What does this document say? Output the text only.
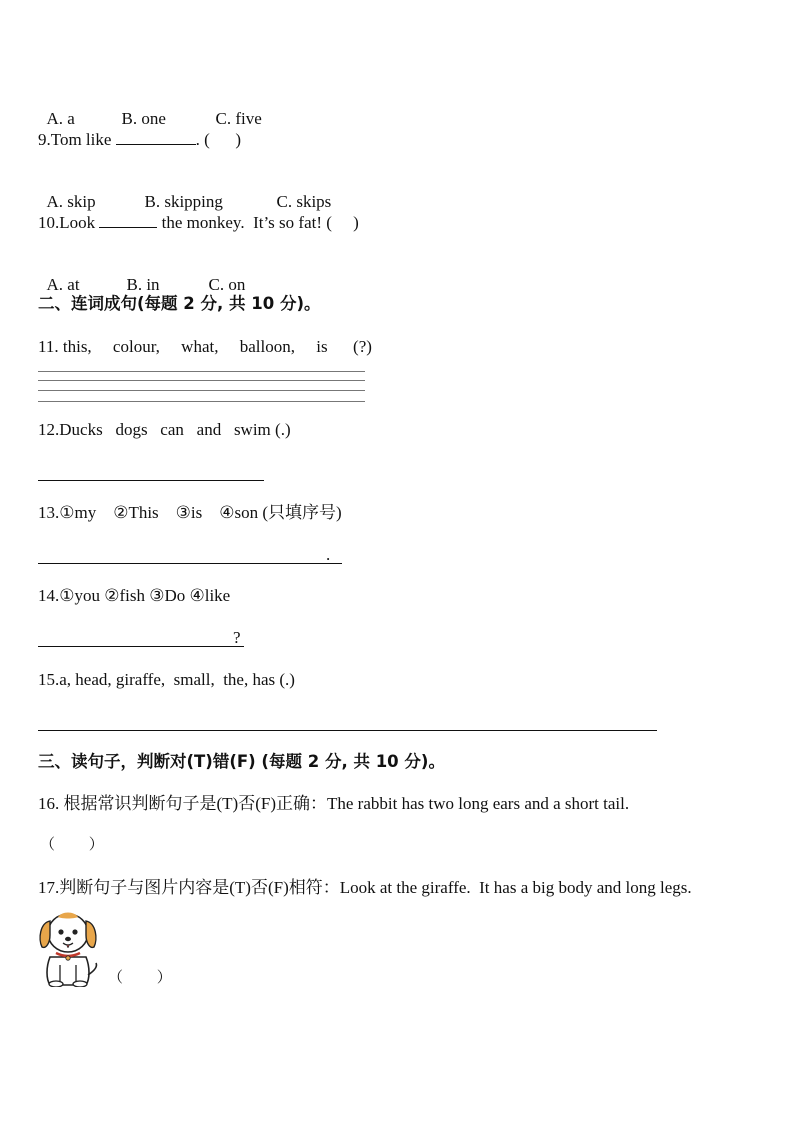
A. a	B. one	C. five

9.Tom like	. (      )

A. skip	B. skipping	C. skips

10.Look	the monkey.  It’s so fat! (     )

A. at	B. in	C. on

二、连词成句(每题 2 分, 共 10 分)。
11. this,     colour,     what,     balloon,     is      (?)
12.Ducks   dogs   can   and   swim (.)
13.①my    ②This    ③is    ④son (只填序号)
.
14.①you ②fish ③Do ④like
?
15.a, head, giraffe,  small,  the, has (.)
三、读句子，判断对(T)错(F) (每题 2 分, 共 10 分)。
16. 根据常识判断句子是(T)否(F)正确：The rabbit has two long ears and a short tail.
（         ）
17.判断句子与图片内容是(T)否(F)相符：Look at the giraffe.  It has a big body and long legs.
（         ）
